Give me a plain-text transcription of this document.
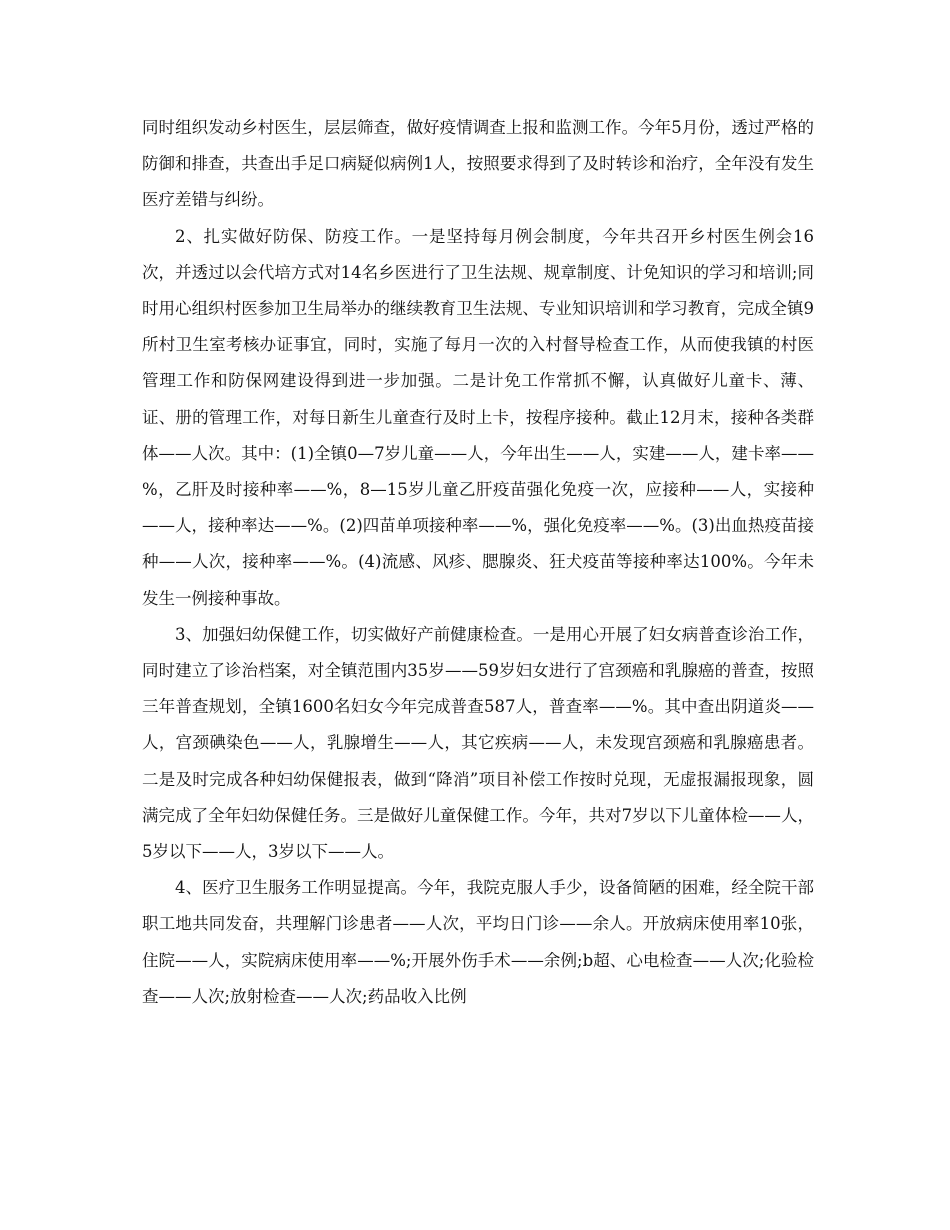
同时组织发动乡村医生，层层筛查，做好疫情调查上报和监测工作。今年5月份，透过严格的防御和排查，共查出手足口病疑似病例1人，按照要求得到了及时转诊和治疗，全年没有发生医疗差错与纠纷。

2、扎实做好防保、防疫工作。一是坚持每月例会制度，今年共召开乡村医生例会16次，并透过以会代培方式对14名乡医进行了卫生法规、规章制度、计免知识的学习和培训;同时用心组织村医参加卫生局举办的继续教育卫生法规、专业知识培训和学习教育，完成全镇9所村卫生室考核办证事宜，同时，实施了每月一次的入村督导检查工作，从而使我镇的村医管理工作和防保网建设得到进一步加强。二是计免工作常抓不懈，认真做好儿童卡、薄、证、册的管理工作，对每日新生儿童查行及时上卡，按程序接种。截止12月末，接种各类群体——人次。其中：(1)全镇0—7岁儿童——人，今年出生——人，实建——人，建卡率——%，乙肝及时接种率——%，8—15岁儿童乙肝疫苗强化免疫一次，应接种——人，实接种——人，接种率达——%。(2)四苗单项接种率——%，强化免疫率——%。(3)出血热疫苗接种——人次，接种率——%。(4)流感、风疹、腮腺炎、狂犬疫苗等接种率达100%。今年未发生一例接种事故。

3、加强妇幼保健工作，切实做好产前健康检查。一是用心开展了妇女病普查诊治工作，同时建立了诊治档案，对全镇范围内35岁——59岁妇女进行了宫颈癌和乳腺癌的普查，按照三年普查规划，全镇1600名妇女今年完成普查587人，普查率——%。其中查出阴道炎——人，宫颈碘染色——人，乳腺增生——人，其它疾病——人，未发现宫颈癌和乳腺癌患者。二是及时完成各种妇幼保健报表，做到“降消”项目补偿工作按时兑现，无虚报漏报现象，圆满完成了全年妇幼保健任务。三是做好儿童保健工作。今年，共对7岁以下儿童体检——人，5岁以下——人，3岁以下——人。

4、医疗卫生服务工作明显提高。今年，我院克服人手少，设备简陋的困难，经全院干部职工地共同发奋，共理解门诊患者——人次，平均日门诊——余人。开放病床使用率10张，住院——人，实院病床使用率——%;开展外伤手术——余例;b超、心电检查——人次;化验检查——人次;放射检查——人次;药品收入比例
